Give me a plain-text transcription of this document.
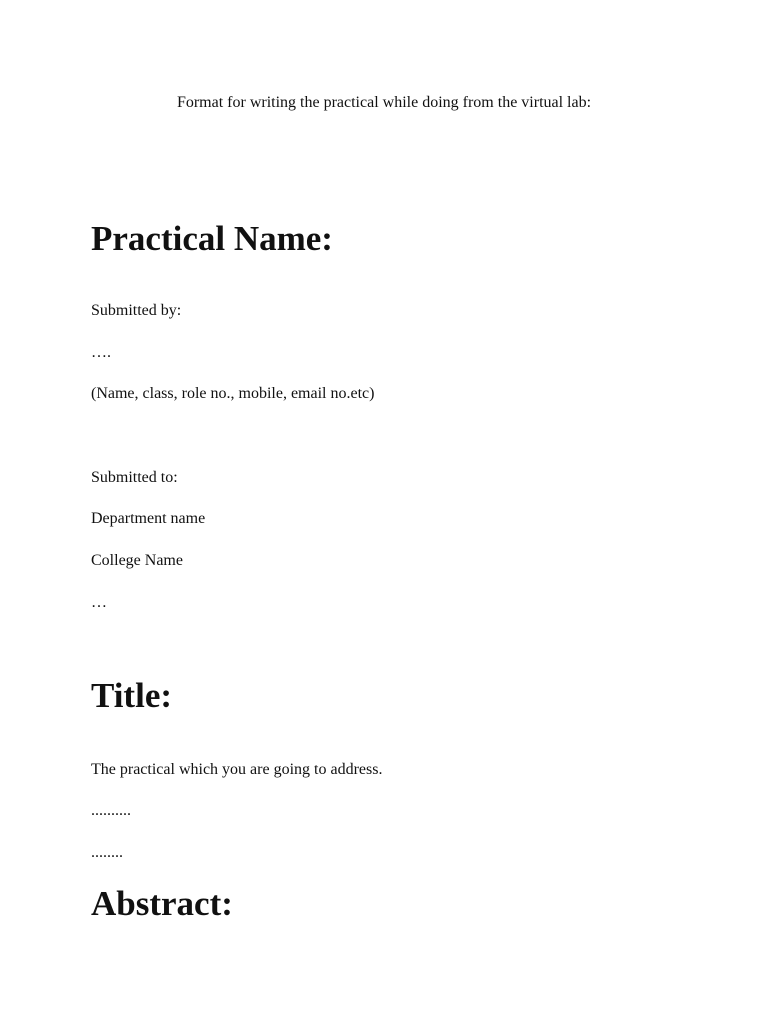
Format for writing the practical while doing from the virtual lab:
Practical Name:
Submitted by:
….
(Name, class, role no., mobile, email no.etc)
Submitted to:
Department name
College Name
…
Title:
The practical which you are going to address.
..........
........
Abstract:
